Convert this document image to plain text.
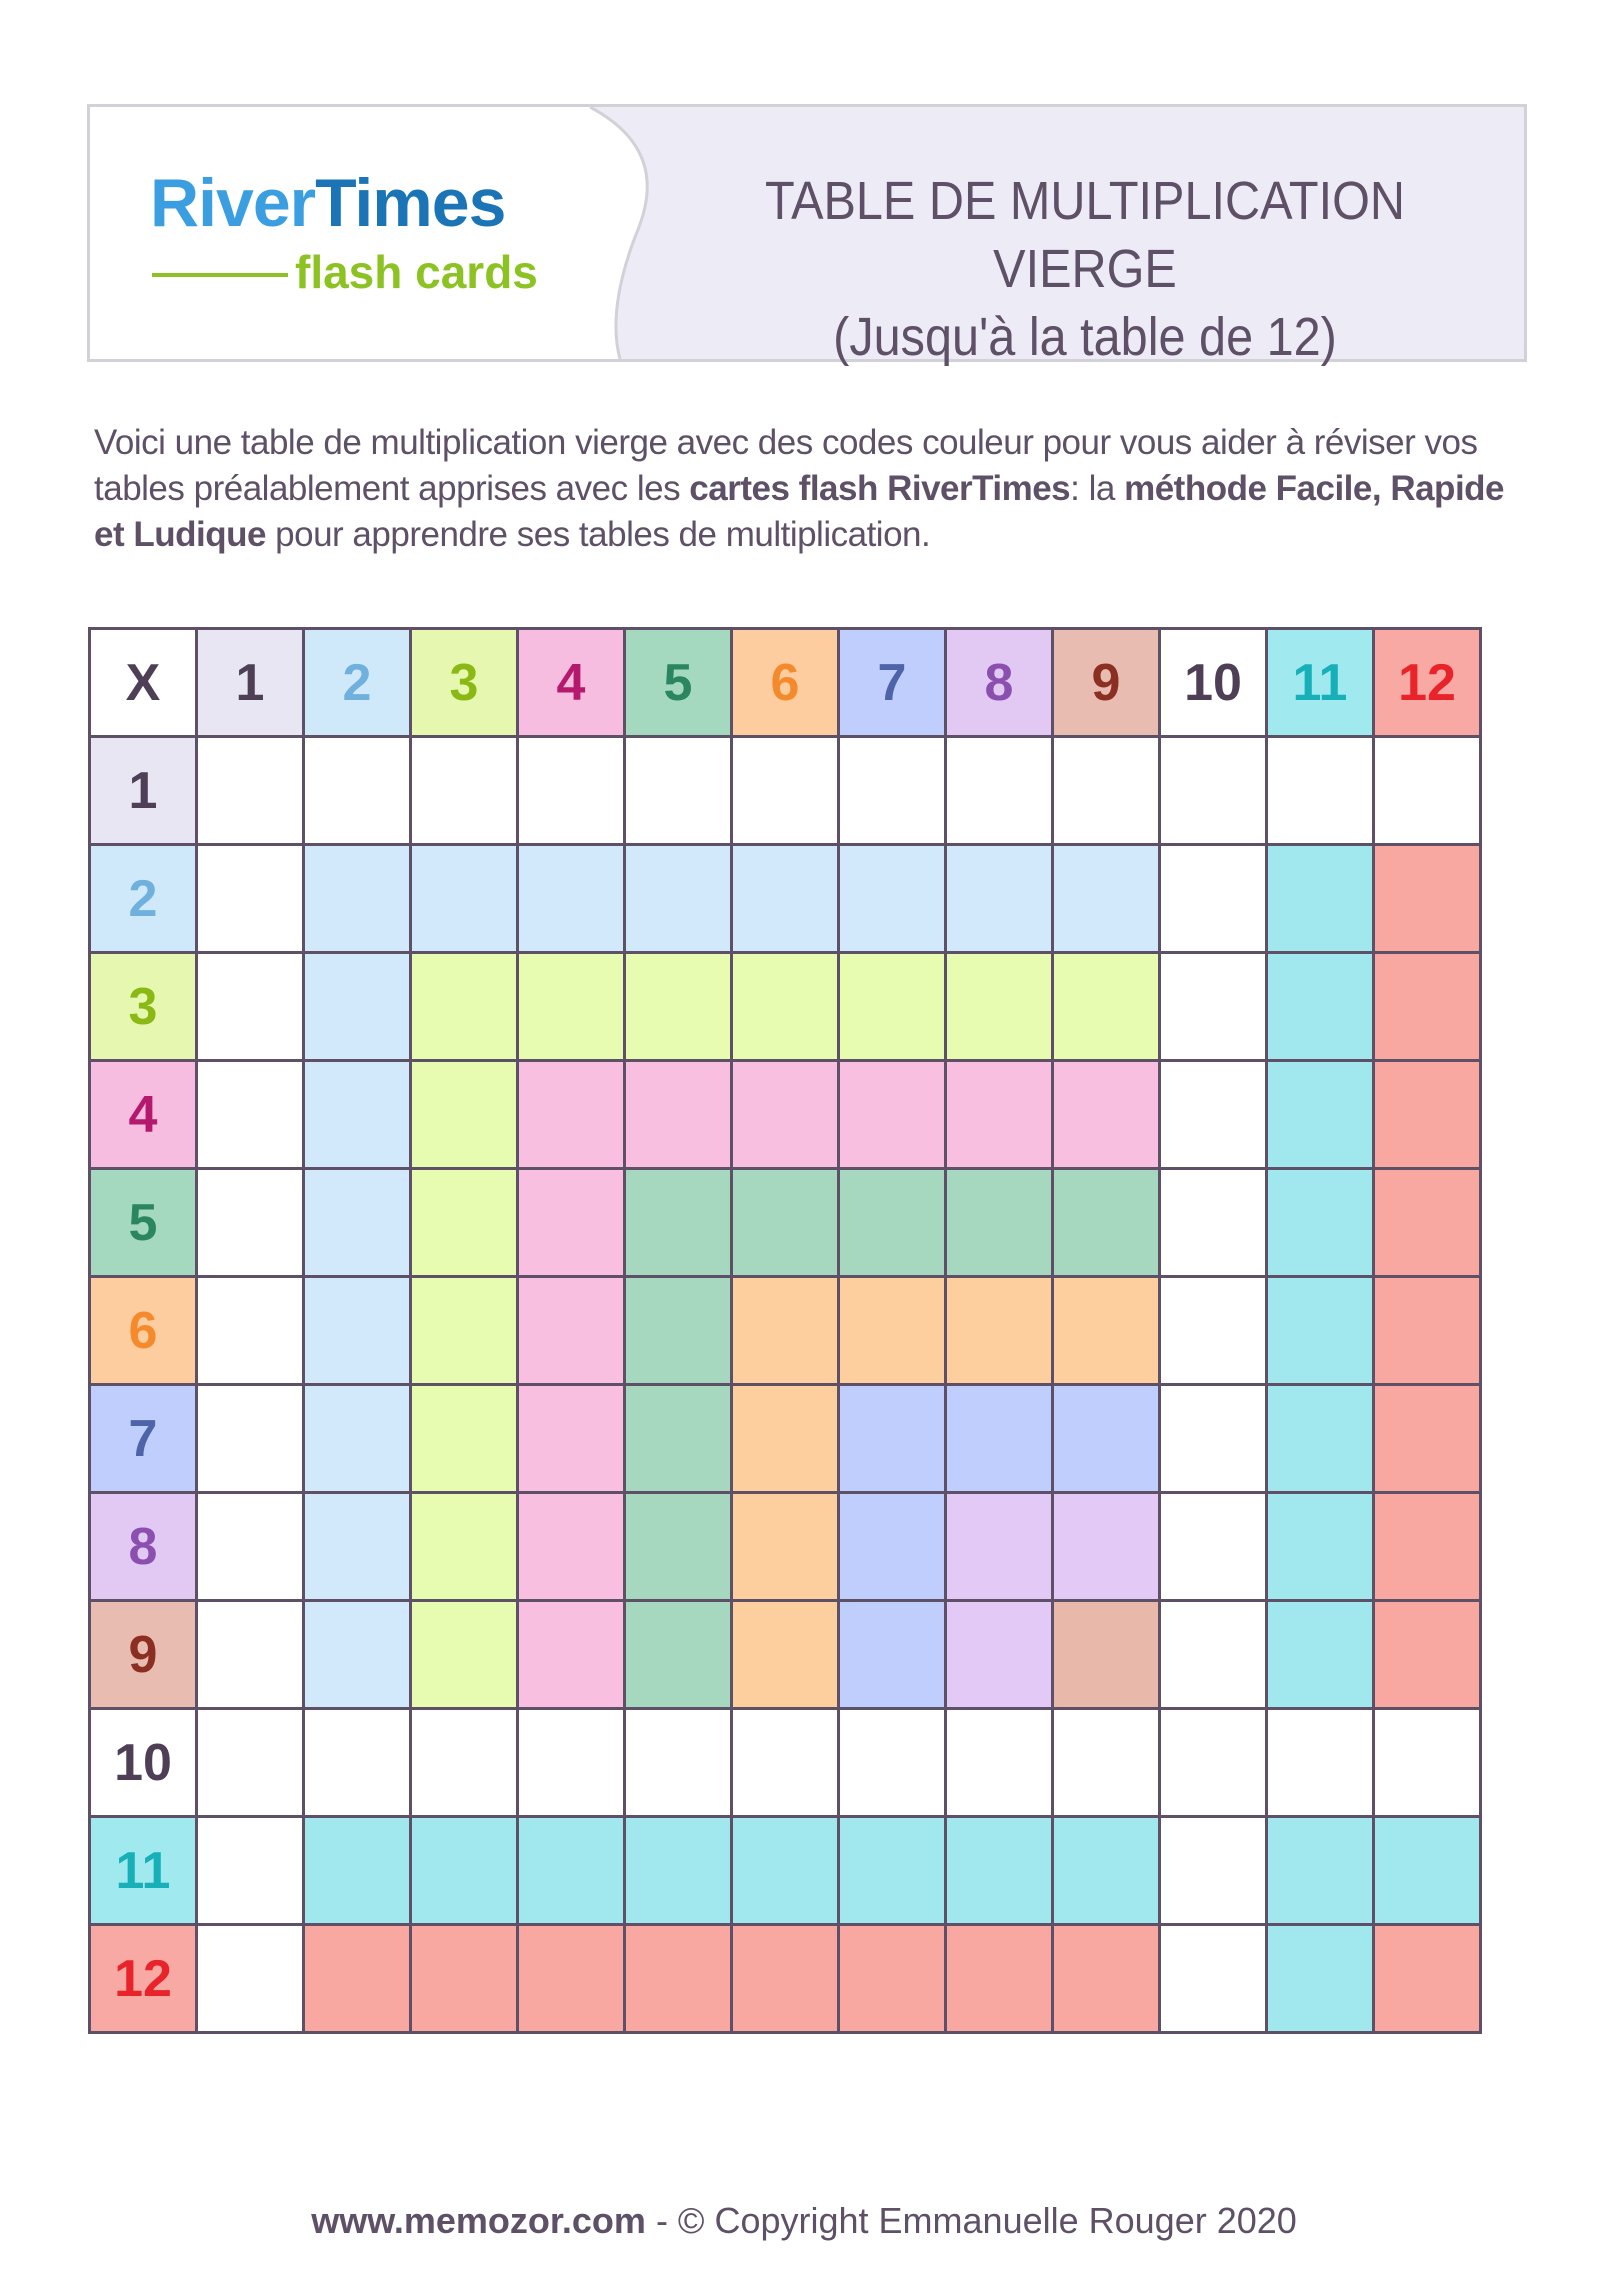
RiverTimes
flash cards
TABLE DE MULTIPLICATION VIERGE
(Jusqu'à la table de 12)
Voici une table de multiplication vierge avec des codes couleur pour vous aider à réviser vos tables préalablement apprises avec les cartes flash RiverTimes: la méthode Facile, Rapide et Ludique pour apprendre ses tables de multiplication.
X	1	2	3	4	5	6	7	8	9	10	11	12
1												
2												
3												
4												
5												
6												
7												
8												
9												
10												
11												
12												
www.memozor.com - © Copyright Emmanuelle Rouger 2020
